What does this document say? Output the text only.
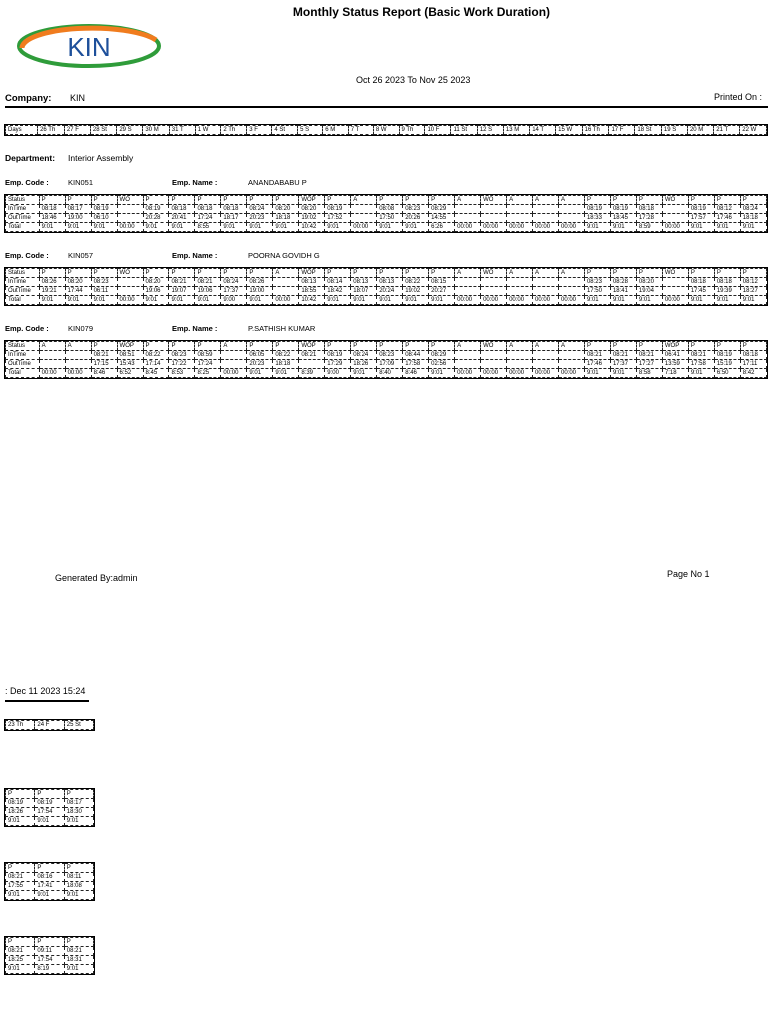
Monthly Status Report (Basic Work Duration)
KIN
Oct 26 2023 To Nov 25 2023
Company: KIN	Printed On :
Days	26 Th	27 F	28 St	29 S	30 M	31 T	1 W	2 Th	3 F	4 St	5 S	6 M	7 T	8 W	9 Th	10 F	11 St	12 S	13 M	14 T	15 W	16 Th	17 F	18 St	19 S	20 M	21 T	22 W
Department: Interior Assembly
Emp. Code :	KIN051	Emp. Name :	ANANDABABU P
Status	P	P	P	WO	P	P	P	P	P	P	WOP	P	A	P	P	P	A	WO	A	A	A	P	P	P	WO	P	P	P
InTime	08:18	08:17	08:19		08:19	08:18	08:18	08:18	08:24	08:20	08:20	08:19		08:08	08:23	08:29						08:19	08:19	08:18		08:19	08:12	08:24
OutTime	18:46	19:00	06:10		20:28	20:41	17:24	18:17	20:23	18:18	19:02	17:52		17:50	20:26	14:55						18:33	18:45	17:28		17:57	17:46	18:18
Total	9:01	9:01	9:01	00:00	9:01	9:01	8:55	9:01	9:01	9:01	10:42	9:01	00:00	9:01	9:01	6:26	00:00	00:00	00:00	00:00	00:00	9:01	9:01	8:59	00:00	9:01	9:01	9:01
Emp. Code :	KIN057	Emp. Name :	POORNA GOVIDH G
Status	P	P	P	WO	P	P	P	P	P	A	WOP	P	P	P	P	P	A	WO	A	A	A	P	P	P	WO	P	P	P
InTime	08:26	08:20	08:23		08:20	08:21	08:21	08:24	08:26		08:13	08:14	08:13	08:13	08:22	08:15						08:23	08:28	08:20		08:18	08:18	08:12
OutTime	19:21	17:44	06:11		19:06	19:07	19:06	17:37	19:00		18:55	18:42	18:07	20:24	19:02	20:27						17:50	18:41	19:04		17:45	19:39	18:27
Total	9:01	9:01	9:01	00:00	9:01	9:01	9:01	9:00	9:01	00:00	10:42	9:01	9:01	9:01	9:01	9:01	00:00	00:00	00:00	00:00	00:00	9:01	9:01	9:01	00:00	9:01	9:01	9:01
Emp. Code :	KIN079	Emp. Name :	P.SATHISH KUMAR
Status	A	A	P	WOP	P	P	P	A	P	P	WOP	P	P	P	P	P	A	WO	A	A	A	P	P	P	WOP	P	P	P
InTime			08:21	08:51	08:22	08:23	08:59		06:05	08:22	08:21	08:19	08:24	08:23	08:44	08:29						08:21	08:21	08:21	06:41	08:21	08:19	08:18
OutTime			17:15	15:43	17:14	17:22	17:24		20:23	18:18		17:29	18:26	17:09	17:58	02:56						17:46	17:37	17:27	13:59	17:58	15:19	17:11
Total	00:00	00:00	8:46	6:52	8:45	8:53	8:25	00:00	9:01	9:01	8:39	9:00	9:01	8:40	8:46	9:01	00:00	00:00	00:00	00:00	00:00	9:01	9:01	8:58	7:18	9:01	6:50	8:42
Generated By:admin	Page No 1
: Dec 11 2023 15:24
23 Th	24 F	25 St
P	P	P
08:19	08:19	08:17
18:26	17:54	18:30
9:01	9:01	9:01
P	P	P
08:21	08:16	08:11
17:55	17:41	18:08
9:01	9:01	9:01
P	P	P
08:21	09:11	08:21
18:25	17:54	18:31
9:01	8:19	9:01
